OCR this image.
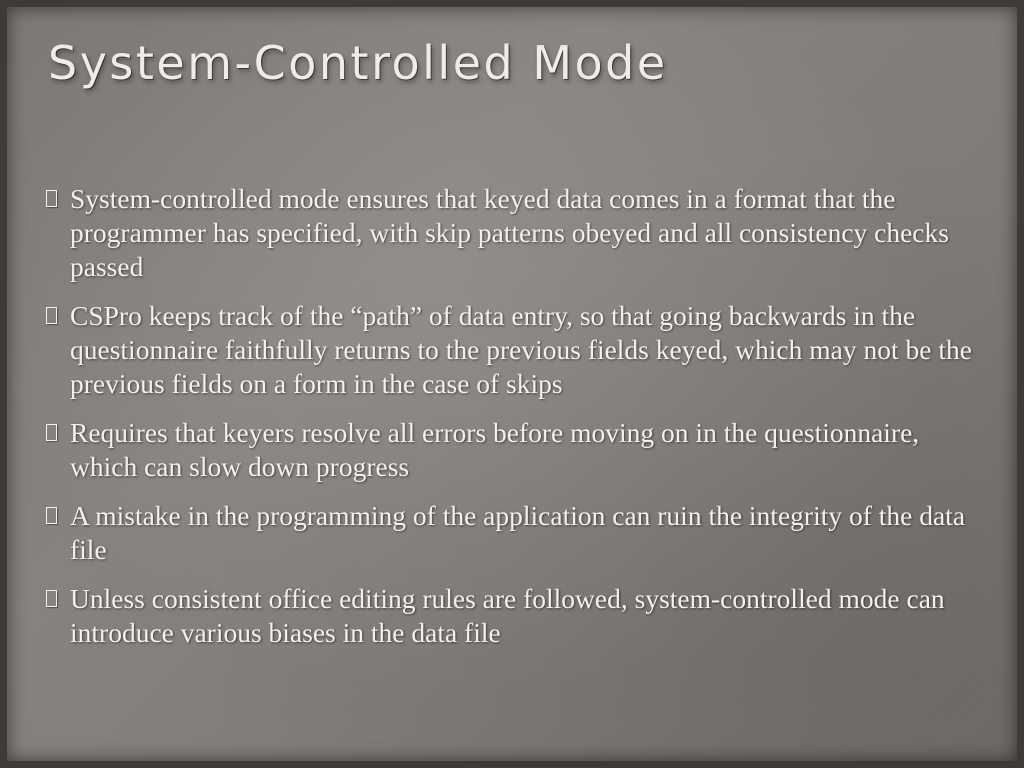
System-Controlled Mode
System-controlled mode ensures that keyed data comes in a format that the programmer has specified, with skip patterns obeyed and all consistency checks passed
CSPro keeps track of the “path” of data entry, so that going backwards in the questionnaire faithfully returns to the previous fields keyed, which may not be the previous fields on a form in the case of skips
Requires that keyers resolve all errors before moving on in the questionnaire, which can slow down progress
A mistake in the programming of the application can ruin the integrity of the data file
Unless consistent office editing rules are followed, system-controlled mode can introduce various biases in the data file
